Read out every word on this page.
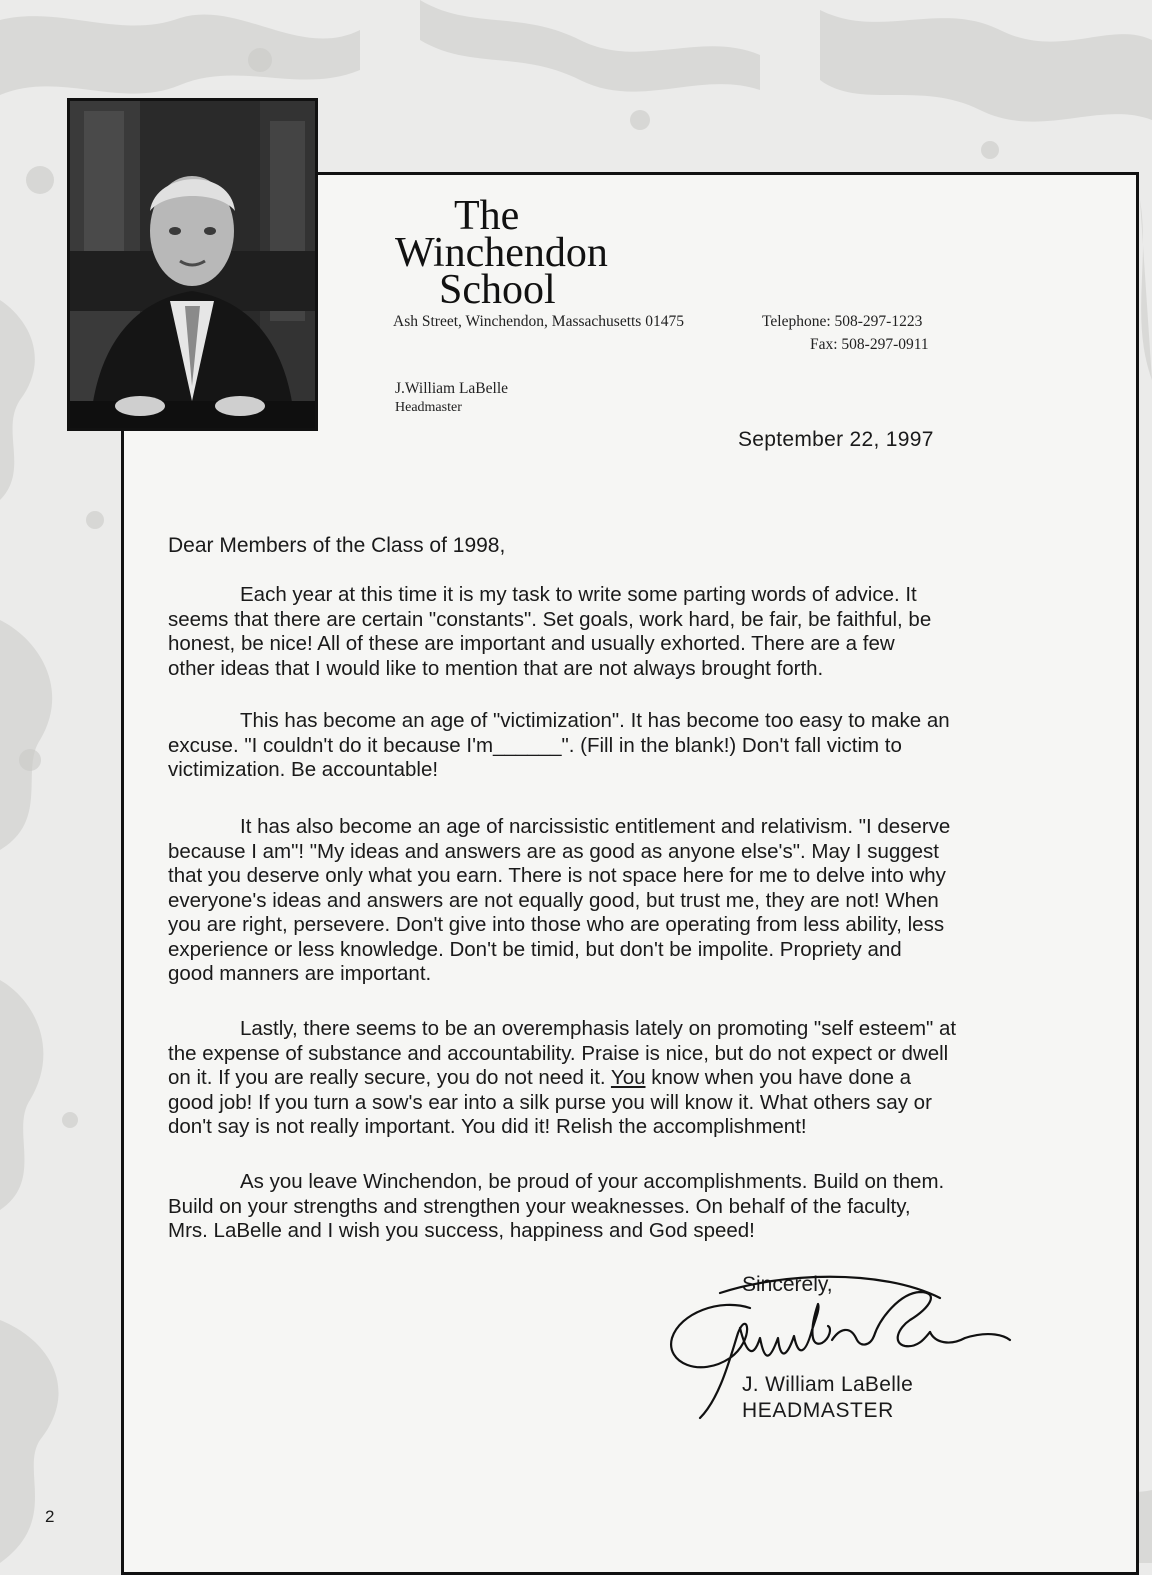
The
Winchendon
School
Ash Street, Winchendon, Massachusetts 01475	Telephone: 508-297-1223
Fax: 508-297-0911
J.William LaBelle
Headmaster
September 22, 1997
Dear Members of the Class of 1998,
Each year at this time it is my task to write some parting words of advice. It
seems that there are certain "constants". Set goals, work hard, be fair, be faithful, be
honest, be nice! All of these are important and usually exhorted. There are a few
other ideas that I would like to mention that are not always brought forth.
This has become an age of "victimization". It has become too easy to make an
excuse. "I couldn't do it because I'm______". (Fill in the blank!) Don't fall victim to
victimization. Be accountable!
It has also become an age of narcissistic entitlement and relativism. "I deserve
because I am"! "My ideas and answers are as good as anyone else's". May I suggest
that you deserve only what you earn. There is not space here for me to delve into why
everyone's ideas and answers are not equally good, but trust me, they are not! When
you are right, persevere. Don't give into those who are operating from less ability, less
experience or less knowledge. Don't be timid, but don't be impolite. Propriety and
good manners are important.
Lastly, there seems to be an overemphasis lately on promoting "self esteem" at
the expense of substance and accountability. Praise is nice, but do not expect or dwell
on it. If you are really secure, you do not need it. You know when you have done a
good job! If you turn a sow's ear into a silk purse you will know it. What others say or
don't say is not really important. You did it! Relish the accomplishment!
As you leave Winchendon, be proud of your accomplishments. Build on them.
Build on your strengths and strengthen your weaknesses. On behalf of the faculty,
Mrs. LaBelle and I wish you success, happiness and God speed!
Sincerely,
J. William LaBelle
HEADMASTER
2
